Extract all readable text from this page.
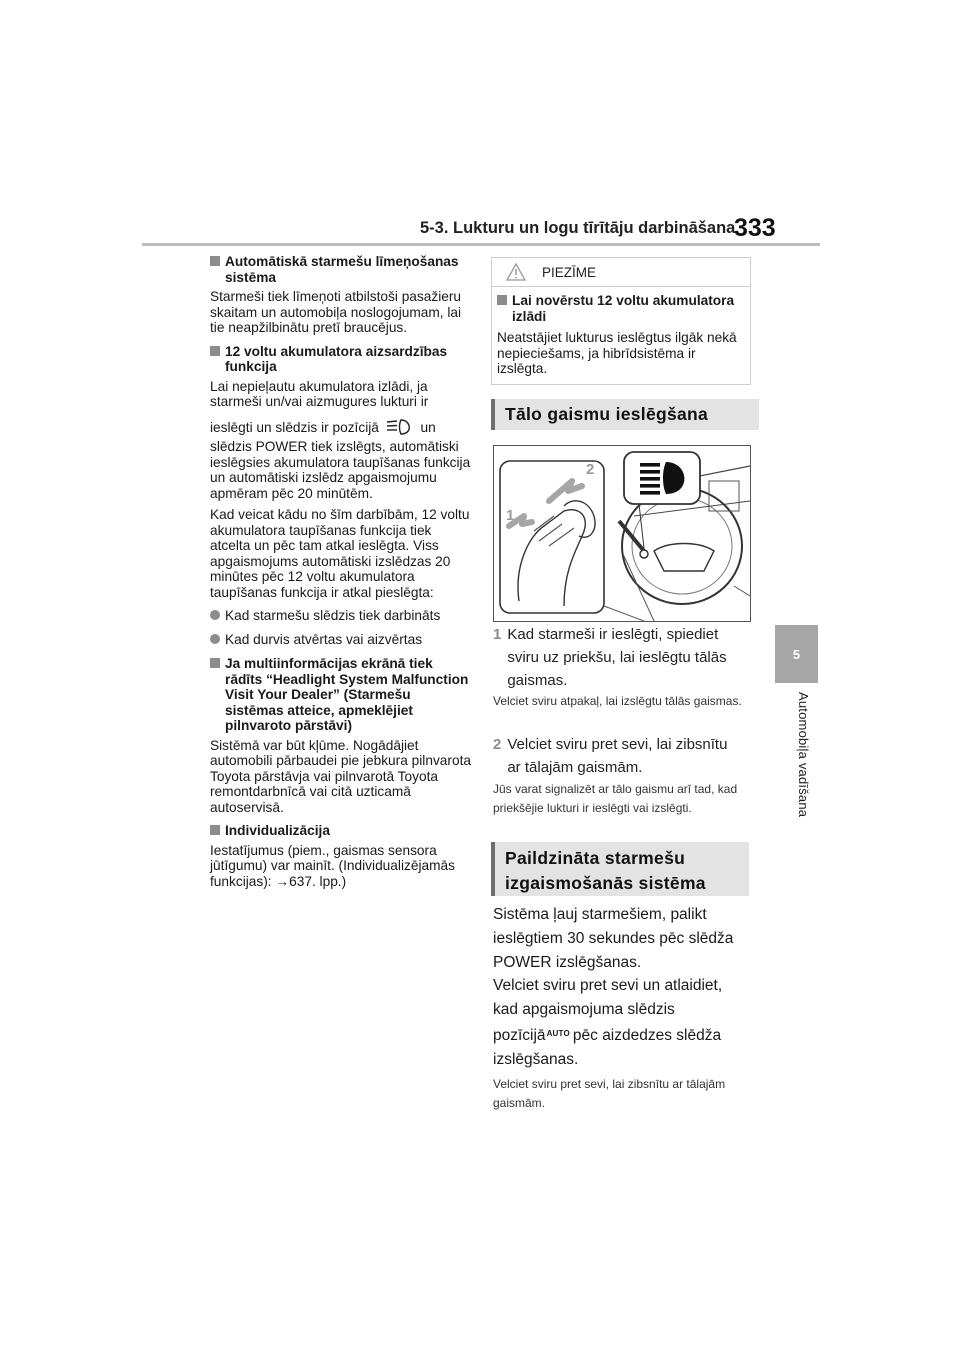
5-3. Lukturu un logu tīrītāju darbināšana
333
5
Automobiļa vadīšana
Automātiskā starmešu līmeņošanas sistēma
Starmeši tiek līmeņoti atbilstoši pasažieru skaitam un automobiļa noslogojumam, lai tie neapžilbinātu pretī braucējus.
12 voltu akumulatora aizsardzības funkcija
Lai nepieļautu akumulatora izlādi, ja starmeši un/vai aizmugures lukturi ir
ieslēgti un slēdzis ir pozīcijā	un slēdzis POWER tiek izslēgts, automātiski ieslēgsies akumulatora taupīšanas funkcija un automātiski izslēdz apgaismojumu apmēram pēc 20 minūtēm.
Kad veicat kādu no šīm darbībām, 12 voltu akumulatora taupīšanas funkcija tiek atcelta un pēc tam atkal ieslēgta. Viss apgaismojums automātiski izslēdzas 20 minūtes pēc 12 voltu akumulatora taupīšanas funkcija ir atkal pieslēgta:
Kad starmešu slēdzis tiek darbināts
Kad durvis atvērtas vai aizvērtas
Ja multiinformācijas ekrānā tiek rādīts “Headlight System Malfunction Visit Your Dealer” (Starmešu sistēmas atteice, apmeklējiet pilnvaroto pārstāvi)
Sistēmā var būt kļūme. Nogādājiet automobili pārbaudei pie jebkura pilnvarota Toyota pārstāvja vai pilnvarotā Toyota remontdarbnīcā vai citā uzticamā autoservisā.
Individualizācija
Iestatījumus (piem., gaismas sensora jūtīgumu) var mainīt. (Individualizējamās funkcijas): →637. lpp.)
PIEZĪME
Lai novērstu 12 voltu akumulatora izlādi
Neatstājiet lukturus ieslēgtus ilgāk nekā nepieciešams, ja hibrīdsistēma ir izslēgta.
Tālo gaismu ieslēgšana
1
2
1 Kad starmeši ir ieslēgti, spiediet sviru uz priekšu, lai ieslēgtu tālās gaismas.
Velciet sviru atpakaļ, lai izslēgtu tālās gaismas.
2 Velciet sviru pret sevi, lai zibsnītu ar tālajām gaismām.
Jūs varat signalizēt ar tālo gaismu arī tad, kad priekšējie lukturi ir ieslēgti vai izslēgti.
Paildzināta starmešu
izgaismošanās sistēma
Sistēma ļauj starmešiem, palikt ieslēgtiem 30 sekundes pēc slēdža POWER izslēgšanas.
Velciet sviru pret sevi un atlaidiet, kad apgaismojuma slēdzis pozīcijā$^{AUTO}$ pēc aizdedzes slēdža izslēgšanas.
Velciet sviru pret sevi, lai zibsnītu ar tālajām gaismām.
